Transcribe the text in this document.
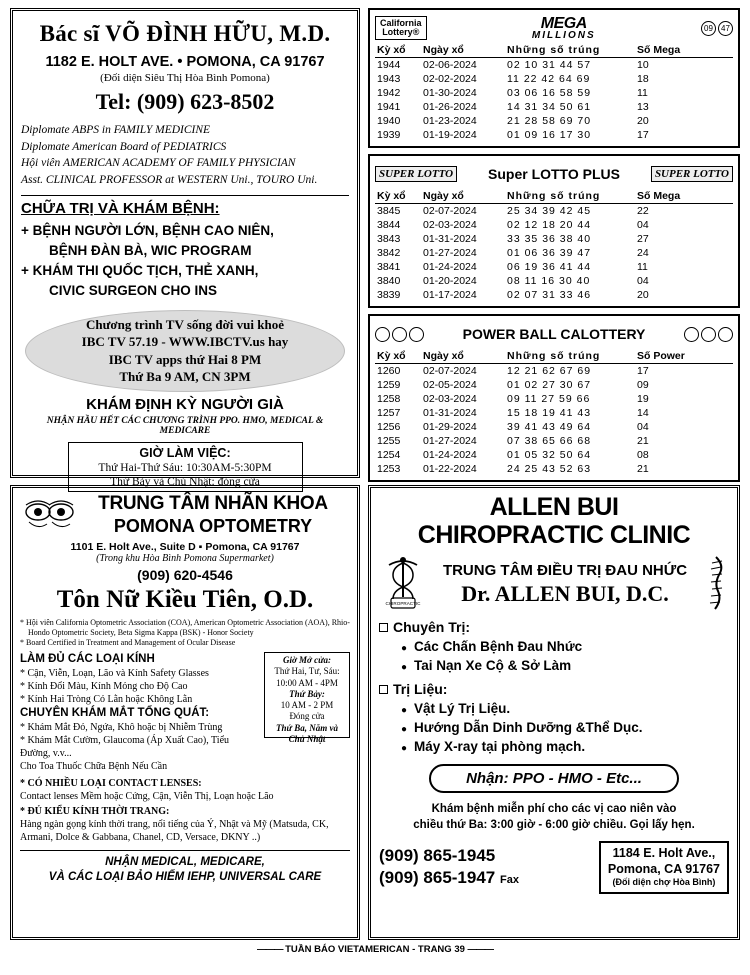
Bác sĩ VÕ ĐÌNH HỮU, M.D.
1182 E. HOLT AVE. • POMONA, CA 91767
(Đối diện Siêu Thị Hòa Bình Pomona)
Tel: (909) 623-8502
Diplomate ABPS in FAMILY MEDICINE
Diplomate American Board of PEDIATRICS
Hội viên AMERICAN ACADEMY OF FAMILY PHYSICIAN
Asst. CLINICAL PROFESSOR at WESTERN Uni., TOURO Uni.
CHỮA TRỊ VÀ KHÁM BỆNH:
+ BỆNH NGƯỜI LỚN, BỆNH CAO NIÊN,
BỆNH ĐÀN BÀ, WIC PROGRAM
+ KHÁM THI QUỐC TỊCH, THẺ XANH,
CIVIC SURGEON CHO INS
Chương trình TV sống đời vui khoẻ
IBC TV 57.19 - WWW.IBCTV.us hay
IBC TV apps thứ Hai 8 PM
Thứ Ba 9 AM, CN 3PM
KHÁM ĐỊNH KỲ NGƯỜI GIÀ
NHẬN HẦU HẾT CÁC CHƯƠNG TRÌNH PPO. HMO, MEDICAL & MEDICARE
GIỜ LÀM VIỆC:
Thứ Hai-Thứ Sáu: 10:30AM-5:30PM
Thứ Bảy và Chủ Nhật: đóng cửa
California
Lottery®
MEGA
MILLIONS
09	47
Kỳ xổ	Ngày xổ	Những số trúng	Số Mega
1944	02-06-2024	02 10 31 44 57	10
1943	02-02-2024	11 22 42 64 69	18
1942	01-30-2024	03 06 16 58 59	11
1941	01-26-2024	14 31 34 50 61	13
1940	01-23-2024	21 28 58 69 70	20
1939	01-19-2024	01 09 16 17 30	17
SUPER LOTTO	Super LOTTO PLUS	SUPER LOTTO
Kỳ xổ	Ngày xổ	Những số trúng	Số Mega
3845	02-07-2024	25 34 39 42 45	22
3844	02-03-2024	02 12 18 20 44	04
3843	01-31-2024	33 35 36 38 40	27
3842	01-27-2024	01 06 36 39 47	24
3841	01-24-2024	06 19 36 41 44	11
3840	01-20-2024	08 11 16 30 40	04
3839	01-17-2024	02 07 31 33 46	20
POWER BALL CALOTTERY
Kỳ xổ	Ngày xổ	Những số trúng	Số Power
1260	02-07-2024	12 21 62 67 69	17
1259	02-05-2024	01 02 27 30 67	09
1258	02-03-2024	09 11 27 59 66	19
1257	01-31-2024	15 18 19 41 43	14
1256	01-29-2024	39 41 43 49 64	04
1255	01-27-2024	07 38 65 66 68	21
1254	01-24-2024	01 05 32 50 64	08
1253	01-22-2024	24 25 43 52 63	21
TRUNG TÂM NHÃN KHOA
POMONA OPTOMETRY
1101 E. Holt Ave., Suite D ▪ Pomona, CA 91767
(Trong khu Hòa Bình Pomona Supermarket)
(909) 620-4546
Tôn Nữ Kiều Tiên, O.D.
* Hội viên California Optometric Association (COA), American Optometric Association (AOA), Rhio-Hondo Optometric Society, Beta Sigma Kappa (BSK) - Honor Society
* Board Certified in Treatment and Management of Ocular Disease
LÀM ĐỦ CÁC LOẠI KÍNH
* Cận, Viễn, Loạn, Lão và Kính Safety Glasses
* Kính Đổi Màu, Kính Mỏng cho Độ Cao
* Kính Hai Tròng Có Lằn hoặc Không Lằn
CHUYÊN KHÁM MẮT TỔNG QUÁT:
* Khám Mắt Đỏ, Ngứa, Khô hoặc bị Nhiễm Trùng
* Khám Mắt Cườm, Glaucoma (Áp Xuất Cao), Tiểu Đường, v.v...
Cho Toa Thuốc Chữa Bệnh Nếu Cần
Giờ Mở cửa:
Thứ Hai, Tư, Sáu:
10:00 AM - 4PM
Thứ Bảy:
10 AM - 2 PM
Đóng cửa
Thứ Ba, Năm và Chủ Nhật
* CÓ NHIỀU LOẠI CONTACT LENSES:
Contact lenses Mềm hoặc Cứng, Cận, Viễn Thị, Loạn hoặc Lão
* ĐỦ KIỂU KÍNH THỜI TRANG:
Hàng ngàn gọng kính thời trang, nổi tiếng của Ý, Nhật và Mỹ (Matsuda, CK, Armani, Dolce & Gabbana, Chanel, CD, Versace, DKNY ..)
NHẬN MEDICAL, MEDICARE,
VÀ CÁC LOẠI BẢO HIỂM IEHP, UNIVERSAL CARE
ALLEN BUI
CHIROPRACTIC CLINIC
CHIROPRACTIC
TRUNG TÂM ĐIỀU TRỊ ĐAU NHỨC
Dr. ALLEN BUI, D.C.
Chuyên Trị:
● Các Chấn Bệnh Đau Nhức
● Tai Nạn Xe Cộ & Sở Làm
Trị Liệu:
● Vật Lý Trị Liệu.
● Hướng Dẫn Dinh Dưỡng &Thể Dục.
● Máy X-ray tại phòng mạch.
Nhận: PPO - HMO - Etc...
Khám bệnh miễn phí cho các vị cao niên vào
chiều thứ Ba: 3:00 giờ - 6:00 giờ chiều. Gọi lấy hẹn.
(909) 865-1945
(909) 865-1947 Fax
1184 E. Holt Ave.,
Pomona, CA 91767
(Đối diện chợ Hòa Bình)
——— TUẦN BÁO VIETAMERICAN - TRANG 39 ———
